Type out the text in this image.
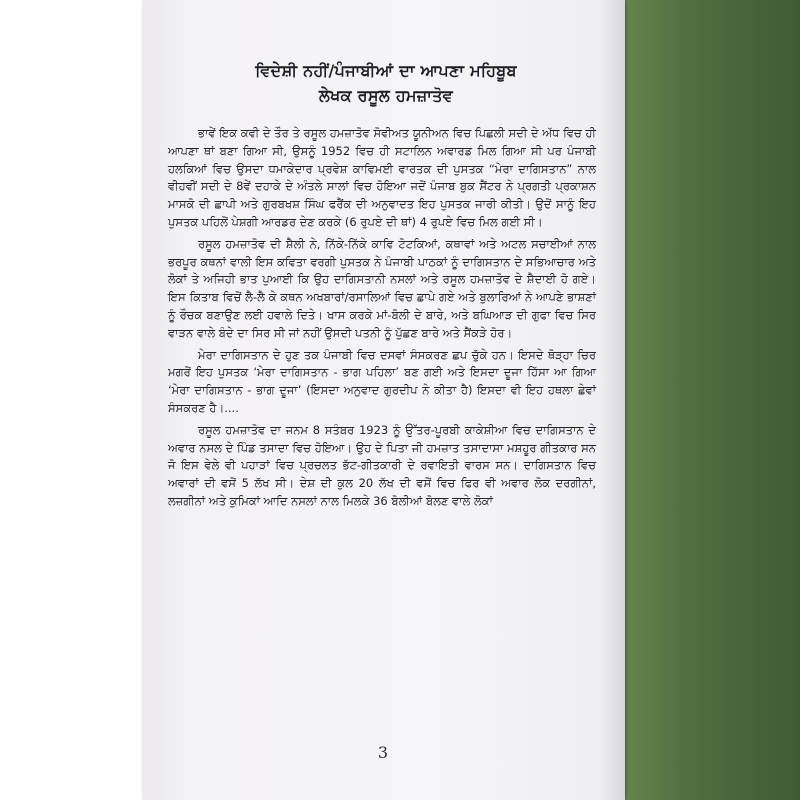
ਵਿਦੇਸ਼ੀ ਨਹੀਂ/ਪੰਜਾਬੀਆਂ ਦਾ ਆਪਣਾ ਮਹਿਬੂਬ
ਲੇਖਕ ਰਸੂਲ ਹਮਜ਼ਾਤੋਵ

ਭਾਵੇਂ ਇਕ ਕਵੀ ਦੇ ਤੌਰ ਤੇ ਰਸੂਲ ਹਮਜ਼ਾਤੋਵ ਸੋਵੀਅਤ ਯੂਨੀਅਨ ਵਿਚ ਪਿਛਲੀ ਸਦੀ ਦੇ ਅੱਧ ਵਿਚ ਹੀ ਆਪਣਾ ਥਾਂ ਬਣਾ ਗਿਆ ਸੀ, ਉਸਨੂੰ 1952 ਵਿਚ ਹੀ ਸਟਾਲਿਨ ਅਵਾਰਡ ਮਿਲ ਗਿਆ ਸੀ ਪਰ ਪੰਜਾਬੀ ਹਲਕਿਆਂ ਵਿਚ ਉਸਦਾ ਧਮਾਕੇਦਾਰ ਪ੍ਰਵੇਸ਼ ਕਾਵਿਮਈ ਵਾਰਤਕ ਦੀ ਪੁਸਤਕ “ਮੇਰਾ ਦਾਗਿਸਤਾਨ” ਨਾਲ ਵੀਹਵੀਂ ਸਦੀ ਦੇ 8ਵੇਂ ਦਹਾਕੇ ਦੇ ਅੰਤਲੇ ਸਾਲਾਂ ਵਿਚ ਹੋਇਆ ਜਦੋਂ ਪੰਜਾਬ ਬੁਕ ਸੈਂਟਰ ਨੇ ਪ੍ਰਗਤੀ ਪ੍ਰਕਾਸ਼ਨ ਮਾਸਕੋ ਦੀ ਛਾਪੀ ਅਤੇ ਗੁਰਬਖਸ਼ ਸਿੰਘ ਫਰੈਂਕ ਦੀ ਅਨੁਵਾਦਤ ਇਹ ਪੁਸਤਕ ਜਾਰੀ ਕੀਤੀ। ਉਦੋਂ ਸਾਨੂੰ ਇਹ ਪੁਸਤਕ ਪਹਿਲੋਂ ਪੇਸ਼ਗੀ ਆਰਡਰ ਦੇਣ ਕਰਕੇ (6 ਰੁਪਏ ਦੀ ਥਾਂ) 4 ਰੁਪਏ ਵਿਚ ਮਿਲ ਗਈ ਸੀ।

ਰਸੂਲ ਹਮਜ਼ਾਤੋਵ ਦੀ ਸ਼ੈਲੀ ਨੇ, ਨਿੱਕੇ-ਨਿੱਕੇ ਕਾਵਿ ਟੋਟਕਿਆਂ, ਕਥਾਵਾਂ ਅਤੇ ਅਟਲ ਸਚਾਈਆਂ ਨਾਲ ਭਰਪੂਰ ਕਥਨਾਂ ਵਾਲੀ ਇਸ ਕਵਿਤਾ ਵਰਗੀ ਪੁਸਤਕ ਨੇ ਪੰਜਾਬੀ ਪਾਠਕਾਂ ਨੂੰ ਦਾਗਿਸਤਾਨ ਦੇ ਸਭਿਆਚਾਰ ਅਤੇ ਲੋਕਾਂ ਤੇ ਅਜਿਹੀ ਭਾਤ ਪੁਆਈ ਕਿ ਉਹ ਦਾਗਿਸਤਾਨੀ ਨਸਲਾਂ ਅਤੇ ਰਸੂਲ ਹਮਜ਼ਾਤੋਵ ਦੇ ਸ਼ੈਦਾਈ ਹੋ ਗਏ। ਇਸ ਕਿਤਾਬ ਵਿਚੋਂ ਲੈ-ਲੈ ਕੇ ਕਥਨ ਅਖਬਾਰਾਂ/ਰਸਾਲਿਆਂ ਵਿਚ ਛਾਪੇ ਗਏ ਅਤੇ ਬੁਲਾਰਿਆਂ ਨੇ ਆਪਣੇ ਭਾਸ਼ਣਾਂ ਨੂੰ ਰੌਚਕ ਬਣਾਉਣ ਲਈ ਹਵਾਲੇ ਦਿਤੇ। ਖਾਸ ਕਰਕੇ ਮਾਂ-ਬੋਲੀ ਦੇ ਬਾਰੇ, ਅਤੇ ਬਘਿਆੜ ਦੀ ਗੁਫਾ ਵਿਚ ਸਿਰ ਵਾੜਨ ਵਾਲੇ ਬੰਦੇ ਦਾ ਸਿਰ ਸੀ ਜਾਂ ਨਹੀਂ ਉਸਦੀ ਪਤਨੀ ਨੂੰ ਪੁੱਛਣ ਬਾਰੇ ਅਤੇ ਸੈਂਕੜੇ ਹੋਰ।

ਮੇਰਾ ਦਾਗਿਸਤਾਨ ਦੇ ਹੁਣ ਤਕ ਪੰਜਾਬੀ ਵਿਚ ਦਸਵਾਂ ਸੰਸਕਰਣ ਛਪ ਚੁੱਕੇ ਹਨ। ਇਸਦੇ ਥੋੜ੍ਹਾ ਚਿਰ ਮਗਰੋਂ ਇਹ ਪੁਸਤਕ ‘ਮੇਰਾ ਦਾਗਿਸਤਾਨ - ਭਾਗ ਪਹਿਲਾ’ ਬਣ ਗਈ ਅਤੇ ਇਸਦਾ ਦੂਜਾ ਹਿੱਸਾ ਆ ਗਿਆ ‘ਮੇਰਾ ਦਾਗਿਸਤਾਨ - ਭਾਗ ਦੂਜਾ’ (ਇਸਦਾ ਅਨੁਵਾਦ ਗੁਰਦੀਪ ਨੇ ਕੀਤਾ ਹੈ) ਇਸਦਾ ਵੀ ਇਹ ਹਥਲਾ ਛੇਵਾਂ ਸੰਸਕਰਣ ਹੈ।....

ਰਸੂਲ ਹਮਜ਼ਾਤੋਵ ਦਾ ਜਨਮ 8 ਸਤੰਬਰ 1923 ਨੂੰ ਉੱਤਰ-ਪੂਰਬੀ ਕਾਕੇਸ਼ੀਆ ਵਿਚ ਦਾਗਿਸਤਾਨ ਦੇ ਅਵਾਰ ਨਸਲ ਦੇ ਪਿੰਡ ਤਸਾਦਾ ਵਿਚ ਹੋਇਆ। ਉਹ ਦੇ ਪਿਤਾ ਜੀ ਹਮਜ਼ਾਤ ਤਸਾਦਾਸਾ ਮਸ਼ਹੂਰ ਗੀਤਕਾਰ ਸਨ ਜੋ ਇਸ ਵੇਲੇ ਵੀ ਪਹਾੜਾਂ ਵਿਚ ਪ੍ਰਚਲਤ ਭੱਟ-ਗੀਤਕਾਰੀ ਦੇ ਰਵਾਇਤੀ ਵਾਰਸ ਸਨ। ਦਾਗਿਸਤਾਨ ਵਿਚ ਅਵਾਰਾਂ ਦੀ ਵਸੋਂ 5 ਲੱਖ ਸੀ। ਦੇਸ਼ ਦੀ ਕੁਲ 20 ਲੱਖ ਦੀ ਵਸੋਂ ਵਿਚ ਫਿਰ ਵੀ ਅਵਾਰ ਲੋਕ ਦਰਗੀਨਾਂ, ਲਜ਼ਗੀਨਾਂ ਅਤੇ ਕੁਮਿਕਾਂ ਆਦਿ ਨਸਲਾਂ ਨਾਲ ਮਿਲਕੇ 36 ਬੋਲੀਆਂ ਬੋਲਣ ਵਾਲੇ ਲੋਕਾਂ

3
